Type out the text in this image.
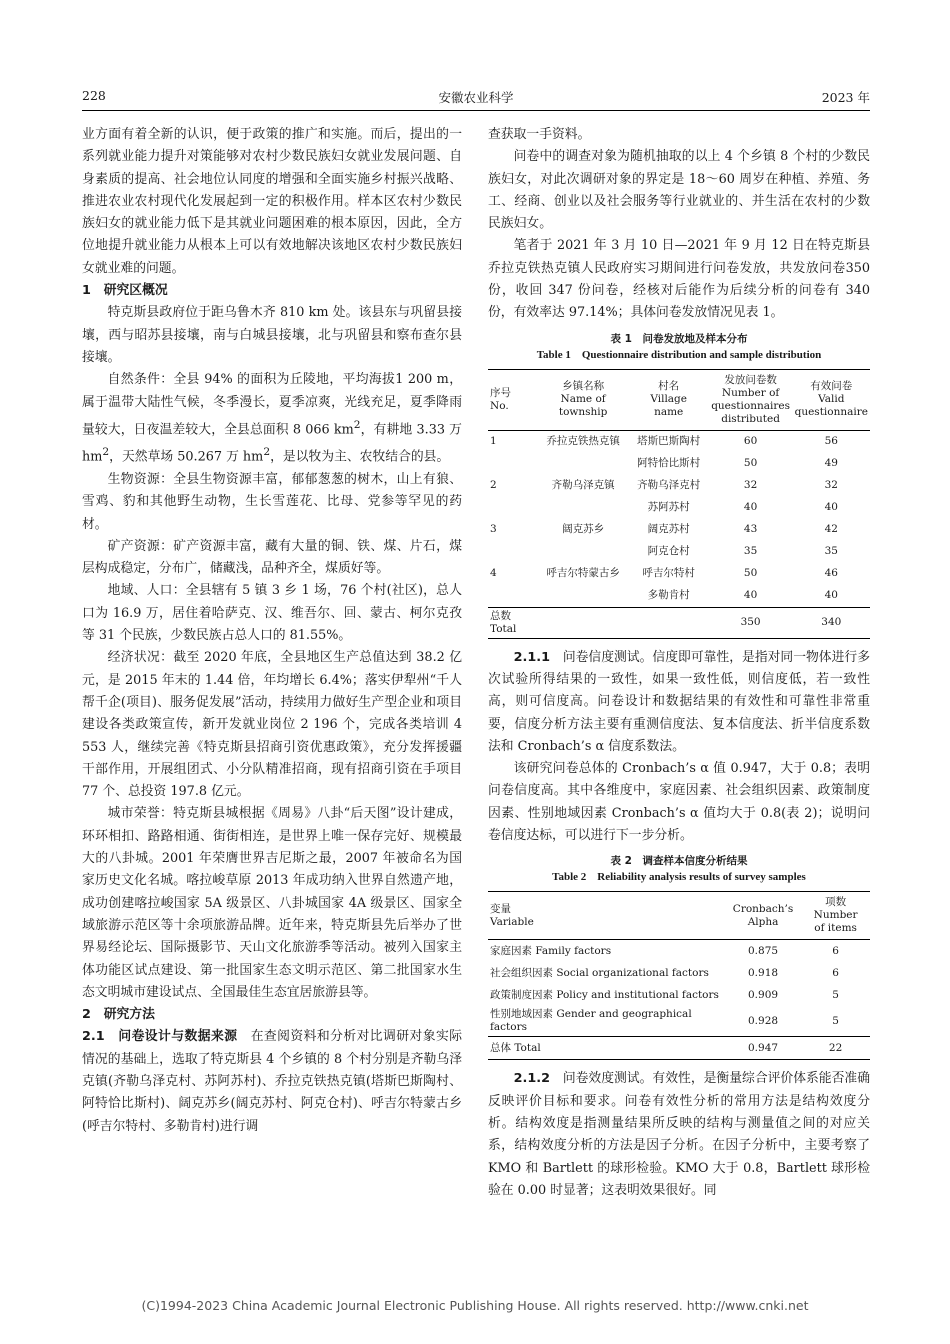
228	安徽农业科学	2023 年

业方面有着全新的认识，便于政策的推广和实施。而后，提出的一系列就业能力提升对策能够对农村少数民族妇女就业发展问题、自身素质的提高、社会地位认同度的增强和全面实施乡村振兴战略、推进农业农村现代化发展起到一定的积极作用。样本区农村少数民族妇女的就业能力低下是其就业问题困难的根本原因，因此，全方位地提升就业能力从根本上可以有效地解决该地区农村少数民族妇女就业难的问题。

1　研究区概况

特克斯县政府位于距乌鲁木齐 810 km 处。该县东与巩留县接壤，西与昭苏县接壤，南与白城县接壤，北与巩留县和察布查尔县接壤。

自然条件：全县 94% 的面积为丘陵地，平均海拔1 200 m，属于温带大陆性气候，冬季漫长，夏季凉爽，光线充足，夏季降雨量较大，日夜温差较大，全县总面积 8 066 $km^2$，有耕地 3.33 万 $hm^2$，天然草场 50.267 万 $hm^2$，是以牧为主、农牧结合的县。

生物资源：全县生物资源丰富，郁郁葱葱的树木，山上有狼、雪鸡、豹和其他野生动物，生长雪莲花、比母、党参等罕见的药材。

矿产资源：矿产资源丰富，藏有大量的铜、铁、煤、片石，煤层构成稳定，分布广，储藏浅，品种齐全，煤质好等。

地域、人口：全县辖有 5 镇 3 乡 1 场，76 个村(社区)，总人口为 16.9 万，居住着哈萨克、汉、维吾尔、回、蒙古、柯尔克孜等 31 个民族，少数民族占总人口的 81.55%。

经济状况：截至 2020 年底，全县地区生产总值达到 38.2 亿元，是 2015 年末的 1.44 倍，年均增长 6.4%；落实伊犁州“千人帮千企(项目)、服务促发展”活动，持续用力做好生产型企业和项目建设各类政策宣传，新开发就业岗位 2 196 个，完成各类培训 4 553 人，继续完善《特克斯县招商引资优惠政策》，充分发挥援疆干部作用，开展组团式、小分队精准招商，现有招商引资在手项目 77 个、总投资 197.8 亿元。

城市荣誉：特克斯县城根据《周易》八卦“后天图”设计建成，环环相扣、路路相通、街街相连，是世界上唯一保存完好、规模最大的八卦城。2001 年荣膺世界吉尼斯之最，2007 年被命名为国家历史文化名城。喀拉峻草原 2013 年成功纳入世界自然遗产地，成功创建喀拉峻国家 5A 级景区、八卦城国家 4A 级景区、国家全域旅游示范区等十余项旅游品牌。近年来，特克斯县先后举办了世界易经论坛、国际摄影节、天山文化旅游季等活动。被列入国家主体功能区试点建设、第一批国家生态文明示范区、第二批国家水生态文明城市建设试点、全国最佳生态宜居旅游县等。

2　研究方法

2.1　问卷设计与数据来源　在查阅资料和分析对比调研对象实际情况的基础上，选取了特克斯县 4 个乡镇的 8 个村分别是齐勒乌泽克镇(齐勒乌泽克村、苏阿苏村)、乔拉克铁热克镇(塔斯巴斯陶村、阿特恰比斯村)、阔克苏乡(阔克苏村、阿克仓村)、呼吉尔特蒙古乡(呼吉尔特村、多勒肯村)进行调

查获取一手资料。

问卷中的调查对象为随机抽取的以上 4 个乡镇 8 个村的少数民族妇女，对此次调研对象的界定是 18～60 周岁在种植、养殖、务工、经商、创业以及社会服务等行业就业的、并生活在农村的少数民族妇女。

笔者于 2021 年 3 月 10 日—2021 年 9 月 12 日在特克斯县乔拉克铁热克镇人民政府实习期间进行问卷发放，共发放问卷350 份，收回 347 份问卷，经核对后能作为后续分析的问卷有 340 份，有效率达 97.14%；具体问卷发放情况见表 1。

表 1　问卷发放地及样本分布
Table 1　Questionnaire distribution and sample distribution
序号
No.	乡镇名称
Name of
township	村名
Village
name	发放问卷数
Number of
questionnaires
distributed	有效问卷
Valid
questionnaire
1	乔拉克铁热克镇	塔斯巴斯陶村	60	56
		阿特恰比斯村	50	49
2	齐勒乌泽克镇	齐勒乌泽克村	32	32
		苏阿苏村	40	40
3	阔克苏乡	阔克苏村	43	42
		阿克仓村	35	35
4	呼吉尔特蒙古乡	呼吉尔特村	50	46
		多勒肯村	40	40
总数 Total			350	340

2.1.1　问卷信度测试。信度即可靠性，是指对同一物体进行多次试验所得结果的一致性，如果一致性低，则信度低，若一致性高，则可信度高。问卷设计和数据结果的有效性和可靠性非常重要，信度分析方法主要有重测信度法、复本信度法、折半信度系数法和 Cronbach’s α 信度系数法。

该研究问卷总体的 Cronbach’s α 值 0.947，大于 0.8；表明问卷信度高。其中各维度中，家庭因素、社会组织因素、政策制度因素、性别地域因素 Cronbach’s α 值均大于 0.8(表 2)；说明问卷信度达标，可以进行下一步分析。

表 2　调查样本信度分析结果
Table 2　Reliability analysis results of survey samples
变量
Variable	Cronbach’s
Alpha	项数
Number
of items
家庭因素 Family factors	0.875	6
社会组织因素 Social organizational factors	0.918	6
政策制度因素 Policy and institutional factors	0.909	5
性别地域因素 Gender and geographical factors	0.928	5
总体 Total	0.947	22

2.1.2　问卷效度测试。有效性，是衡量综合评价体系能否准确反映评价目标和要求。问卷有效性分析的常用方法是结构效度分析。结构效度是指测量结果所反映的结构与测量值之间的对应关系，结构效度分析的方法是因子分析。在因子分析中，主要考察了 KMO 和 Bartlett 的球形检验。KMO 大于 0.8，Bartlett 球形检验在 0.00 时显著；这表明效果很好。同

(C)1994-2023 China Academic Journal Electronic Publishing House. All rights reserved. http://www.cnki.net
